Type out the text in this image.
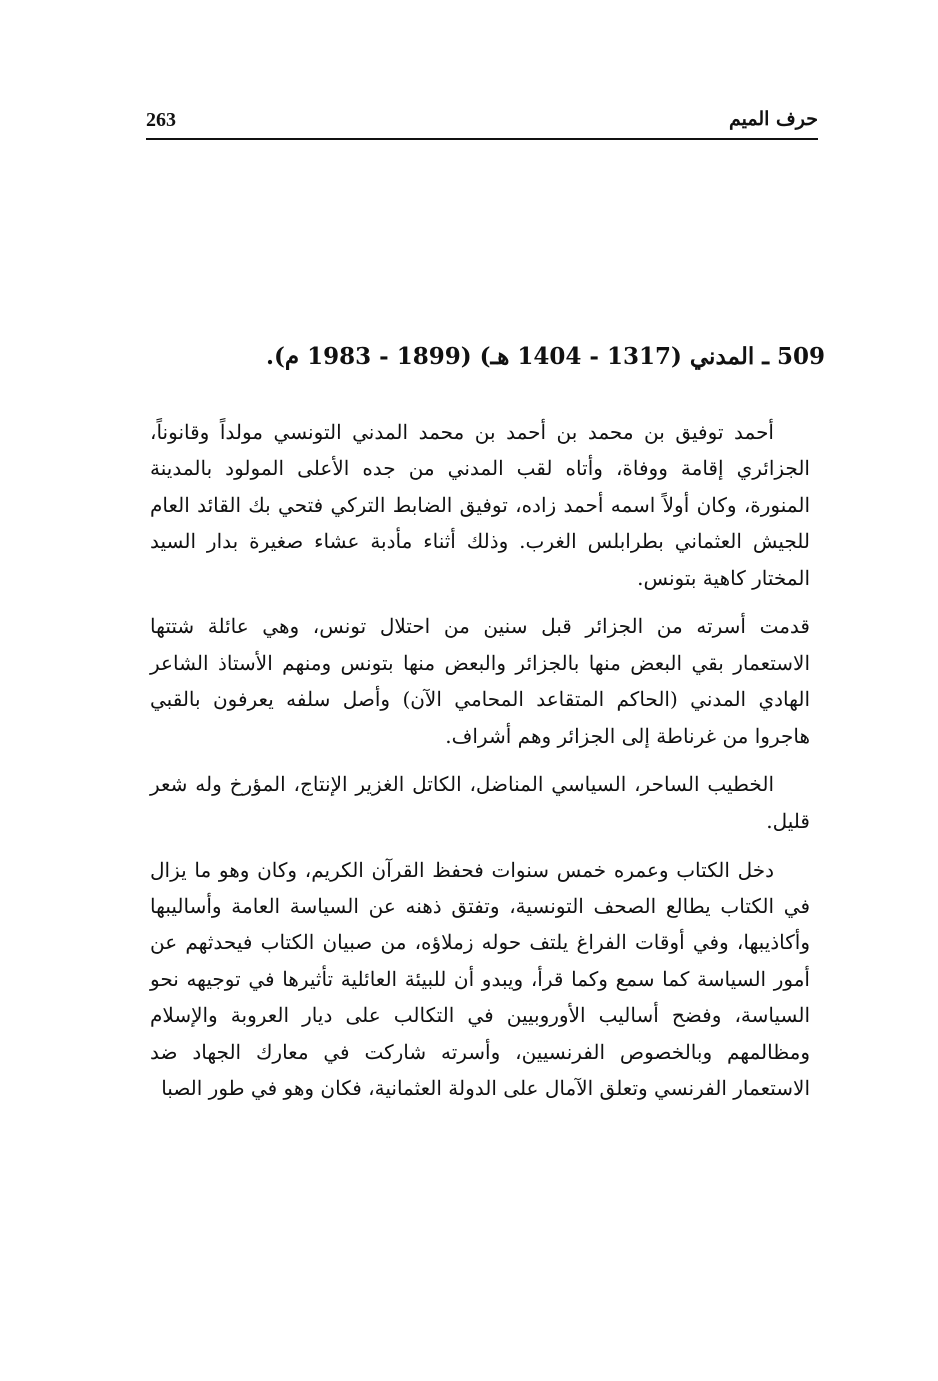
263	حرف الميم
509 ـ المدني (1317 - 1404 هـ) (1899 - 1983 م).

أحمد توفيق بن محمد بن أحمد بن محمد المدني التونسي مولداً وقانوناً، الجزائري إقامة ووفاة، وأتاه لقب المدني من جده الأعلى المولود بالمدينة المنورة، وكان أولاً اسمه أحمد زاده، توفيق الضابط التركي فتحي بك القائد العام للجيش العثماني بطرابلس الغرب. وذلك أثناء مأدبة عشاء صغيرة بدار السيد المختار كاهية بتونس.

قدمت أسرته من الجزائر قبل سنين من احتلال تونس، وهي عائلة شتتها الاستعمار بقي البعض منها بالجزائر والبعض منها بتونس ومنهم الأستاذ الشاعر الهادي المدني (الحاكم المتقاعد المحامي الآن) وأصل سلفه يعرفون بالقبي هاجروا من غرناطة إلى الجزائر وهم أشراف.

الخطيب الساحر، السياسي المناضل، الكاتل الغزير الإنتاج، المؤرخ وله شعر قليل.

دخل الكتاب وعمره خمس سنوات فحفظ القرآن الكريم، وكان وهو ما يزال في الكتاب يطالع الصحف التونسية، وتفتق ذهنه عن السياسة العامة وأساليبها وأكاذيبها، وفي أوقات الفراغ يلتف حوله زملاؤه، من صبيان الكتاب فيحدثهم عن أمور السياسة كما سمع وكما قرأ، ويبدو أن للبيئة العائلية تأثيرها في توجيهه نحو السياسة، وفضح أساليب الأوروبيين في التكالب على ديار العروبة والإسلام ومظالمهم وبالخصوص الفرنسيين، وأسرته شاركت في معارك الجهاد ضد الاستعمار الفرنسي وتعلق الآمال على الدولة العثمانية، فكان وهو في طور الصبا
